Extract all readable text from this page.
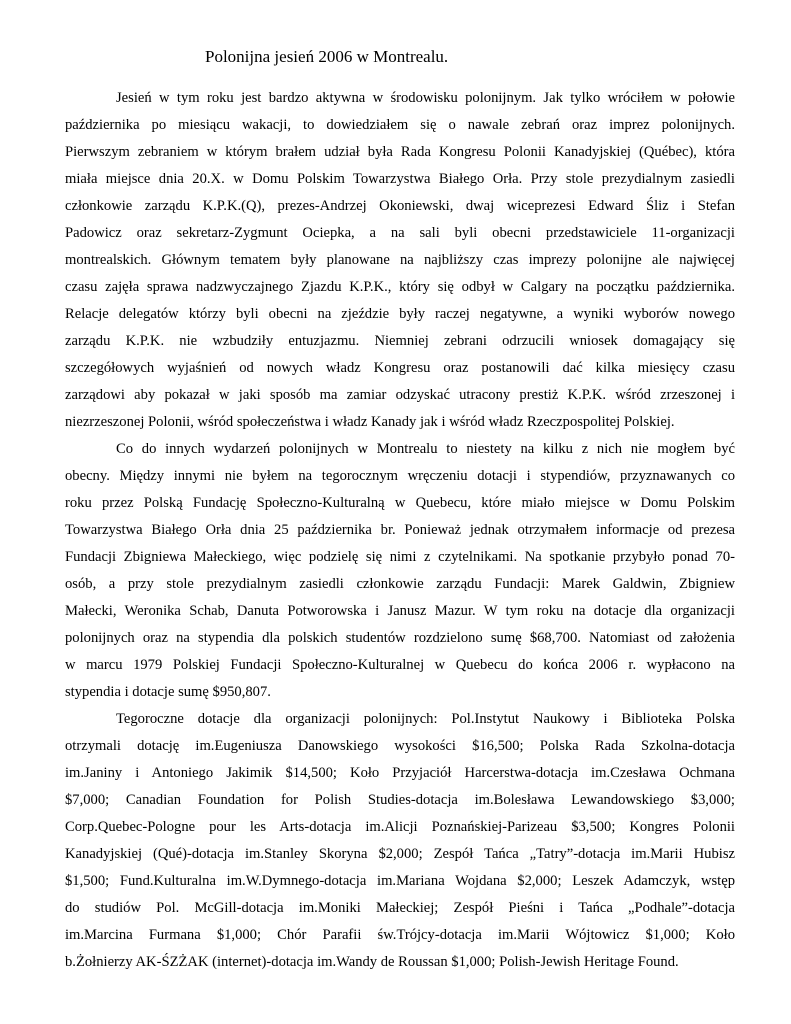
Polonijna jesień 2006 w Montrealu.
Jesień w tym roku jest bardzo aktywna w środowisku polonijnym. Jak tylko wróciłem w połowie
października po miesiącu wakacji, to dowiedziałem się o nawale zebrań oraz imprez polonijnych.
Pierwszym zebraniem w którym brałem udział była Rada Kongresu Polonii Kanadyjskiej (Québec), która
miała miejsce dnia 20.X. w Domu Polskim Towarzystwa Białego Orła. Przy stole prezydialnym zasiedli
członkowie zarządu K.P.K.(Q), prezes-Andrzej Okoniewski, dwaj wiceprezesi Edward Śliz i Stefan
Padowicz oraz sekretarz-Zygmunt Ociepka, a na sali byli obecni przedstawiciele 11-organizacji
montrealskich. Głównym tematem były planowane na najbliższy czas imprezy polonijne ale najwięcej
czasu zajęła sprawa nadzwyczajnego Zjazdu K.P.K., który się odbył w Calgary na początku października.
Relacje delegatów którzy byli obecni na zjeździe były raczej negatywne, a wyniki wyborów nowego
zarządu K.P.K. nie wzbudziły entuzjazmu. Niemniej zebrani odrzucili wniosek domagający się
szczegółowych wyjaśnień od nowych władz Kongresu oraz postanowili dać kilka miesięcy czasu
zarządowi aby pokazał w jaki sposób ma zamiar odzyskać utracony prestiż K.P.K. wśród zrzeszonej i
niezrzeszonej Polonii, wśród społeczeństwa i władz Kanady jak i wśród władz Rzeczpospolitej Polskiej.
Co do innych wydarzeń polonijnych w Montrealu to niestety na kilku z nich nie mogłem być
obecny. Między innymi nie byłem na tegorocznym wręczeniu dotacji i stypendiów, przyznawanych co
roku przez Polską Fundację Społeczno-Kulturalną w Quebecu, które miało miejsce w Domu Polskim
Towarzystwa Białego Orła dnia 25 października br. Ponieważ jednak otrzymałem informacje od prezesa
Fundacji Zbigniewa Małeckiego, więc podzielę się nimi z czytelnikami. Na spotkanie przybyło ponad 70-
osób, a przy stole prezydialnym zasiedli członkowie zarządu Fundacji: Marek Galdwin, Zbigniew
Małecki, Weronika Schab, Danuta Potworowska i Janusz Mazur. W tym roku na dotacje dla organizacji
polonijnych oraz na stypendia dla polskich studentów rozdzielono sumę $68,700. Natomiast od założenia
w marcu 1979 Polskiej Fundacji Społeczno-Kulturalnej w Quebecu do końca 2006 r. wypłacono na
stypendia i dotacje sumę $950,807.
Tegoroczne dotacje dla organizacji polonijnych: Pol.Instytut Naukowy i Biblioteka Polska
otrzymali dotację im.Eugeniusza Danowskiego wysokości $16,500; Polska Rada Szkolna-dotacja
im.Janiny i Antoniego Jakimik $14,500; Koło Przyjaciół Harcerstwa-dotacja im.Czesława Ochmana
$7,000; Canadian Foundation for Polish Studies-dotacja im.Bolesława Lewandowskiego $3,000;
Corp.Quebec-Pologne pour les Arts-dotacja im.Alicji Poznańskiej-Parizeau $3,500; Kongres Polonii
Kanadyjskiej (Qué)-dotacja im.Stanley Skoryna $2,000; Zespół Tańca „Tatry”-dotacja im.Marii Hubisz
$1,500; Fund.Kulturalna im.W.Dymnego-dotacja im.Mariana Wojdana $2,000; Leszek Adamczyk, wstęp
do studiów Pol. McGill-dotacja im.Moniki Małeckiej; Zespół Pieśni i Tańca „Podhale”-dotacja
im.Marcina Furmana $1,000; Chór Parafii św.Trójcy-dotacja im.Marii Wójtowicz $1,000; Koło
b.Żołnierzy AK-ŚZŻAK (internet)-dotacja im.Wandy de Roussan $1,000; Polish-Jewish Heritage Found.
